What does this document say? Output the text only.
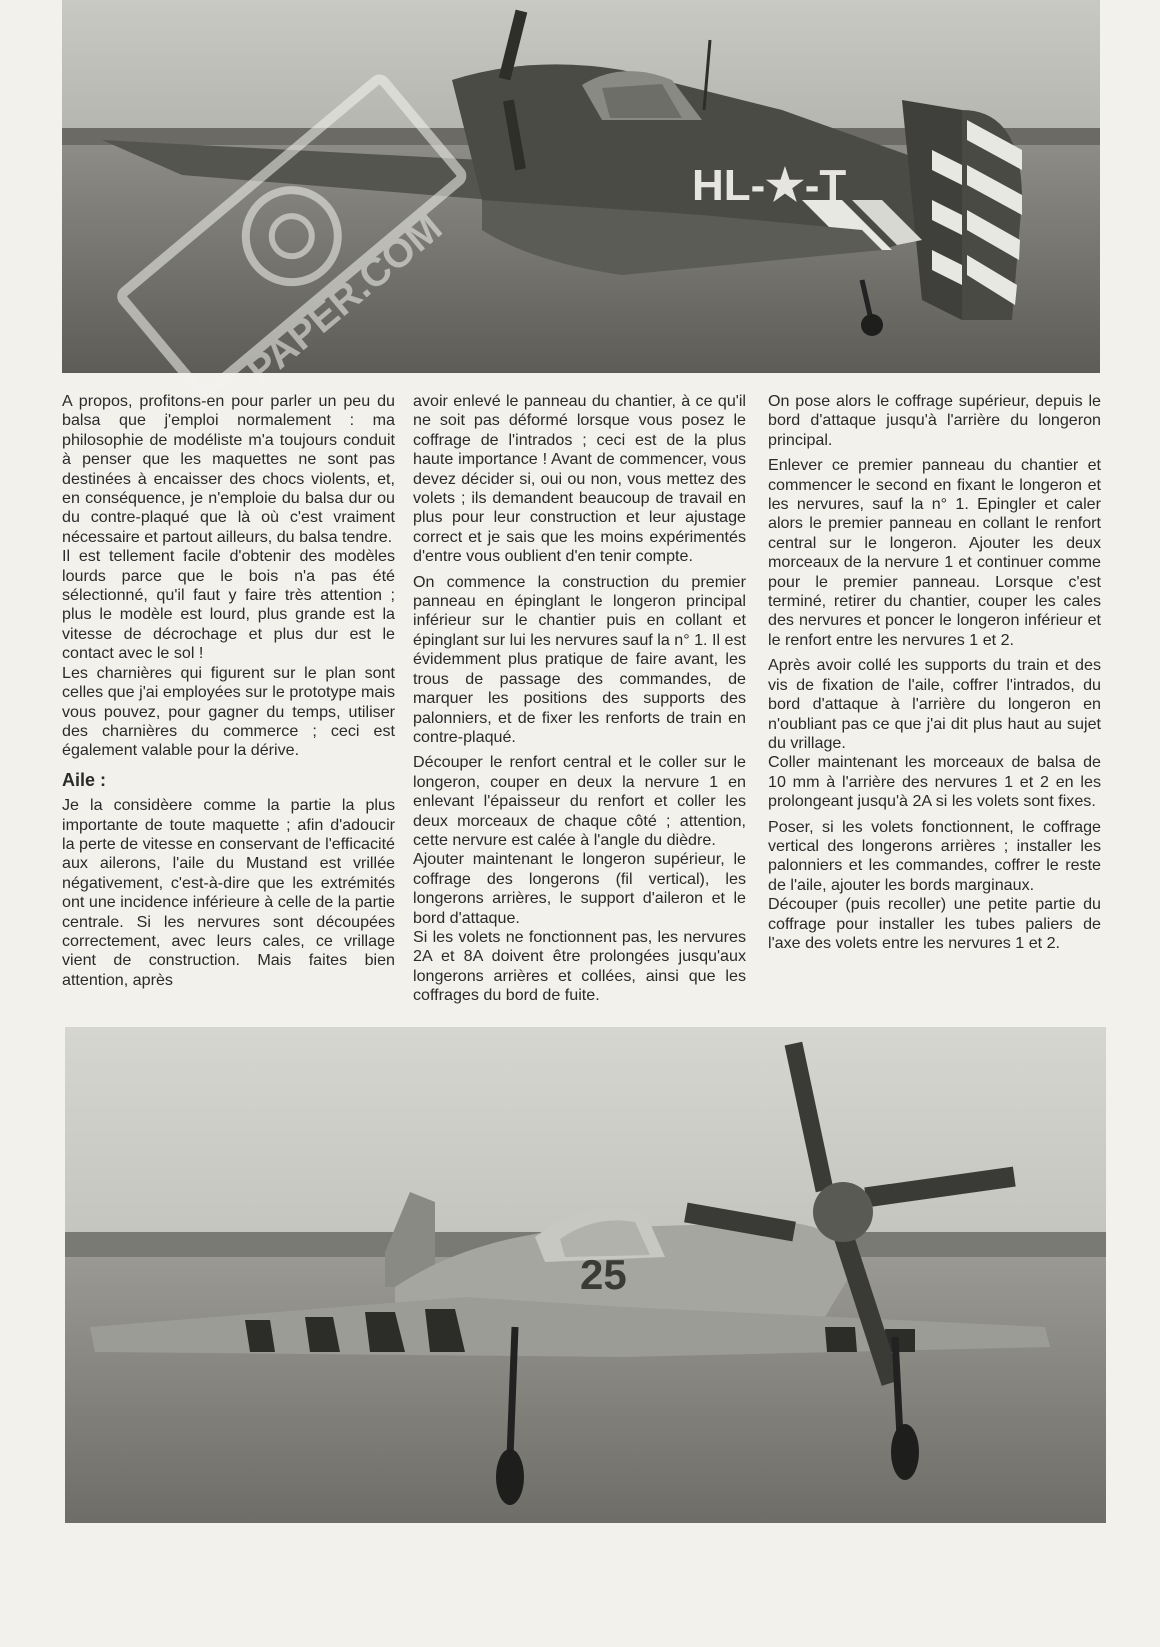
HL-★-T
PAPER.COM

A propos, profitons-en pour parler un peu du balsa que j'emploi normalement : ma philosophie de modéliste m'a toujours conduit à penser que les maquettes ne sont pas destinées à encaisser des chocs violents, et, en conséquence, je n'emploie du balsa dur ou du contre-plaqué que là où c'est vraiment nécessaire et partout ailleurs, du balsa tendre.

Il est tellement facile d'obtenir des modèles lourds parce que le bois n'a pas été sélectionné, qu'il faut y faire très attention ; plus le modèle est lourd, plus grande est la vitesse de décrochage et plus dur est le contact avec le sol !

Les charnières qui figurent sur le plan sont celles que j'ai employées sur le prototype mais vous pouvez, pour gagner du temps, utiliser des charnières du commerce ; ceci est également valable pour la dérive.

Aile :

Je la considèere comme la partie la plus importante de toute maquette ; afin d'adoucir la perte de vitesse en conservant de l'efficacité aux ailerons, l'aile du Mustand est vrillée négativement, c'est-à-dire que les extrémités ont une incidence inférieure à celle de la partie centrale. Si les nervures sont découpées correctement, avec leurs cales, ce vrillage vient de construction. Mais faites bien attention, après

avoir enlevé le panneau du chantier, à ce qu'il ne soit pas déformé lorsque vous posez le coffrage de l'intrados ; ceci est de la plus haute importance ! Avant de commencer, vous devez décider si, oui ou non, vous mettez des volets ; ils demandent beaucoup de travail en plus pour leur construction et leur ajustage correct et je sais que les moins expérimentés d'entre vous oublient d'en tenir compte.

On commence la construction du premier panneau en épinglant le longeron principal inférieur sur le chantier puis en collant et épinglant sur lui les nervures sauf la n° 1. Il est évidemment plus pratique de faire avant, les trous de passage des commandes, de marquer les positions des supports des palonniers, et de fixer les renforts de train en contre-plaqué.

Découper le renfort central et le coller sur le longeron, couper en deux la nervure 1 en enlevant l'épaisseur du renfort et coller les deux morceaux de chaque côté ; attention, cette nervure est calée à l'angle du dièdre.

Ajouter maintenant le longeron supérieur, le coffrage des longerons (fil vertical), les longerons arrières, le support d'aileron et le bord d'attaque.

Si les volets ne fonctionnent pas, les nervures 2A et 8A doivent être prolongées jusqu'aux longerons arrières et collées, ainsi que les coffrages du bord de fuite.

On pose alors le coffrage supérieur, depuis le bord d'attaque jusqu'à l'arrière du longeron principal.

Enlever ce premier panneau du chantier et commencer le second en fixant le longeron et les nervures, sauf la n° 1. Epingler et caler alors le premier panneau en collant le renfort central sur le longeron. Ajouter les deux morceaux de la nervure 1 et continuer comme pour le premier panneau. Lorsque c'est terminé, retirer du chantier, couper les cales des nervures et poncer le longeron inférieur et le renfort entre les nervures 1 et 2.

Après avoir collé les supports du train et des vis de fixation de l'aile, coffrer l'intrados, du bord d'attaque à l'arrière du longeron en n'oubliant pas ce que j'ai dit plus haut au sujet du vrillage.

Coller maintenant les morceaux de balsa de 10 mm à l'arrière des nervures 1 et 2 en les prolongeant jusqu'à 2A si les volets sont fixes.

Poser, si les volets fonctionnent, le coffrage vertical des longerons arrières ; installer les palonniers et les commandes, coffrer le reste de l'aile, ajouter les bords marginaux.

Découper (puis recoller) une petite partie du coffrage pour installer les tubes paliers de l'axe des volets entre les nervures 1 et 2.

25
